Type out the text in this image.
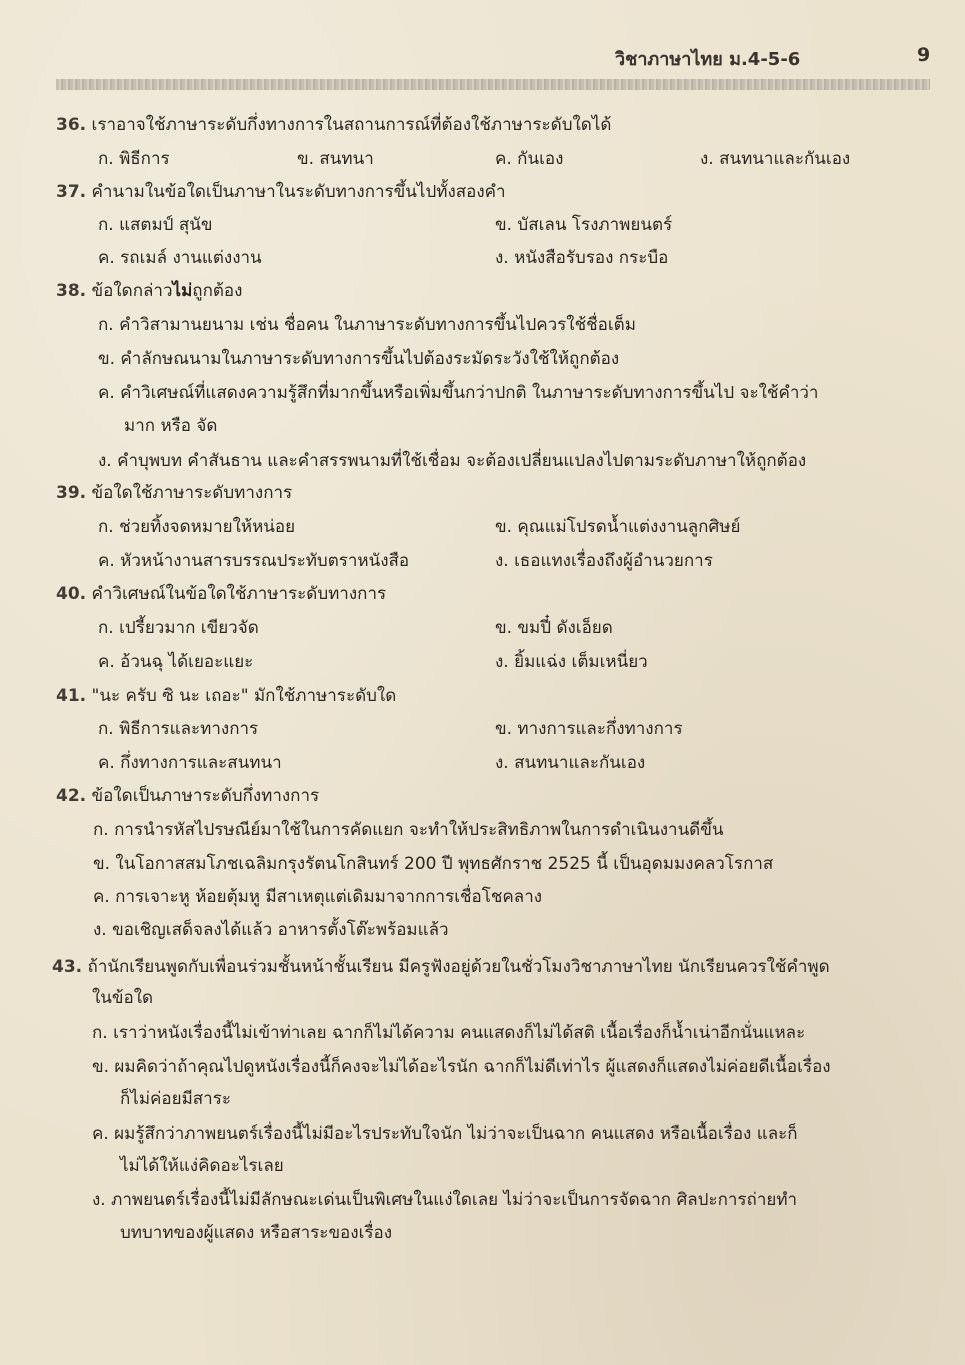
วิชาภาษาไทย ม.4-5-6	9
36. เราอาจใช้ภาษาระดับกึ่งทางการในสถานการณ์ที่ต้องใช้ภาษาระดับใดได้
ก. พิธีการ	ข. สนทนา	ค. กันเอง	ง. สนทนาและกันเอง
37. คำนามในข้อใดเป็นภาษาในระดับทางการขึ้นไปทั้งสองคำ
ก. แสตมป์ สุนัข	ข. บัสเลน โรงภาพยนตร์
ค. รถเมล์ งานแต่งงาน	ง. หนังสือรับรอง กระบือ
38. ข้อใดกล่าวไม่ถูกต้อง
ก. คำวิสามานยนาม เช่น ชื่อคน ในภาษาระดับทางการขึ้นไปควรใช้ชื่อเต็ม
ข. คำลักษณนามในภาษาระดับทางการขึ้นไปต้องระมัดระวังใช้ให้ถูกต้อง
ค. คำวิเศษณ์ที่แสดงความรู้สึกที่มากขึ้นหรือเพิ่มขึ้นกว่าปกติ ในภาษาระดับทางการขึ้นไป จะใช้คำว่า
มาก หรือ จัด
ง. คำบุพบท คำสันธาน และคำสรรพนามที่ใช้เชื่อม จะต้องเปลี่ยนแปลงไปตามระดับภาษาให้ถูกต้อง
39. ข้อใดใช้ภาษาระดับทางการ
ก. ช่วยทิ้งจดหมายให้หน่อย	ข. คุณแม่โปรดน้ำแต่งงานลูกศิษย์
ค. หัวหน้างานสารบรรณประทับตราหนังสือ	ง. เธอแทงเรื่องถึงผู้อำนวยการ
40. คำวิเศษณ์ในข้อใดใช้ภาษาระดับทางการ
ก. เปรี้ยวมาก เขียวจัด	ข. ขมปี๋ ดังเอ็ยด
ค. อ้วนฉุ ได้เยอะแยะ	ง. ยิ้มแฉ่ง เต็มเหนี่ยว
41. "นะ ครับ ซิ นะ เถอะ" มักใช้ภาษาระดับใด
ก. พิธีการและทางการ	ข. ทางการและกึ่งทางการ
ค. กึ่งทางการและสนทนา	ง. สนทนาและกันเอง
42. ข้อใดเป็นภาษาระดับกึ่งทางการ
ก. การนำรหัสไปรษณีย์มาใช้ในการคัดแยก จะทำให้ประสิทธิภาพในการดำเนินงานดีขึ้น
ข. ในโอกาสสมโภชเฉลิมกรุงรัตนโกสินทร์ 200 ปี พุทธศักราช 2525 นี้ เป็นอุดมมงคลวโรกาส
ค. การเจาะหู ห้อยตุ้มหู มีสาเหตุแต่เดิมมาจากการเชื่อโชคลาง
ง. ขอเชิญเสด็จลงได้แล้ว อาหารตั้งโต๊ะพร้อมแล้ว
43. ถ้านักเรียนพูดกับเพื่อนร่วมชั้นหน้าชั้นเรียน มีครูฟังอยู่ด้วยในชั่วโมงวิชาภาษาไทย นักเรียนควรใช้คำพูด
ในข้อใด
ก. เราว่าหนังเรื่องนี้ไม่เข้าท่าเลย ฉากก็ไม่ได้ความ คนแสดงก็ไม่ได้สติ เนื้อเรื่องก็น้ำเน่าอีกนั่นแหละ
ข. ผมคิดว่าถ้าคุณไปดูหนังเรื่องนี้ก็คงจะไม่ได้อะไรนัก ฉากก็ไม่ดีเท่าไร ผู้แสดงก็แสดงไม่ค่อยดีเนื้อเรื่อง
ก็ไม่ค่อยมีสาระ
ค. ผมรู้สึกว่าภาพยนตร์เรื่องนี้ไม่มีอะไรประทับใจนัก ไม่ว่าจะเป็นฉาก คนแสดง หรือเนื้อเรื่อง และก็
ไม่ได้ให้แง่คิดอะไรเลย
ง. ภาพยนตร์เรื่องนี้ไม่มีลักษณะเด่นเป็นพิเศษในแง่ใดเลย ไม่ว่าจะเป็นการจัดฉาก ศิลปะการถ่ายทำ
บทบาทของผู้แสดง หรือสาระของเรื่อง
